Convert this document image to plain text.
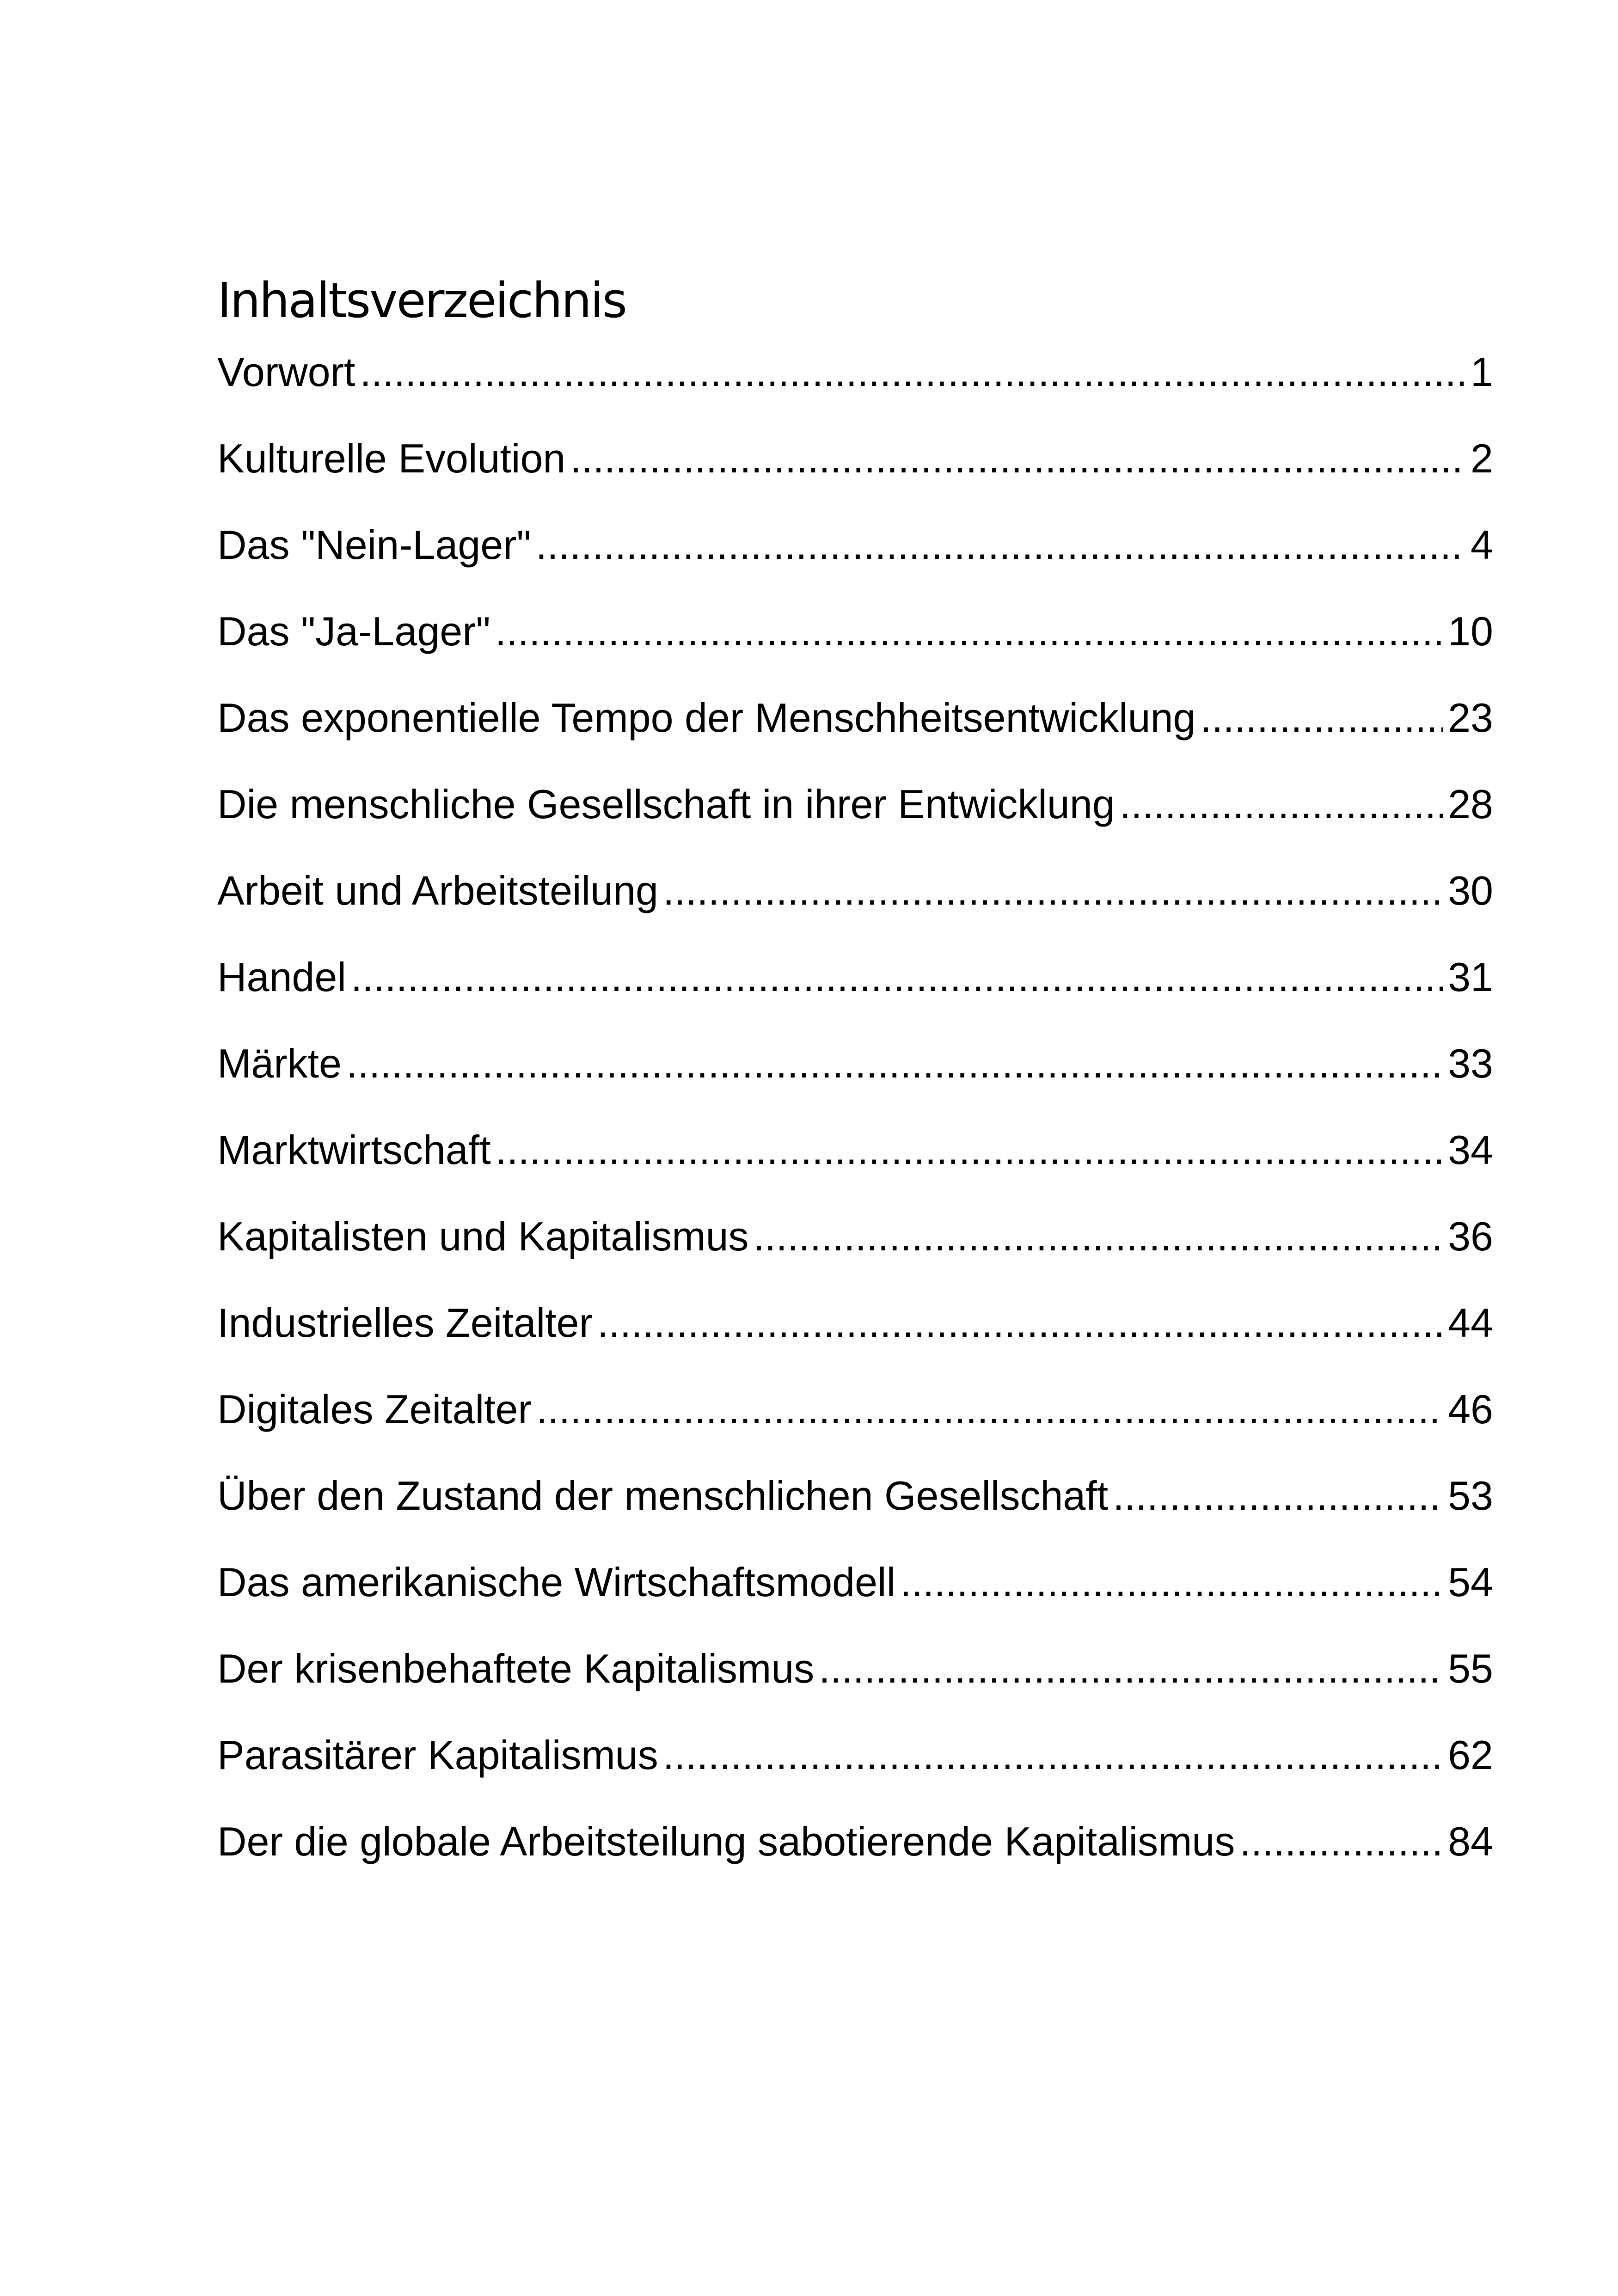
Inhaltsverzeichnis
Vorwort .....	1
Kulturelle Evolution .....	2
Das "Nein-Lager" .....	4
Das "Ja-Lager" .....	10
Das exponentielle Tempo der Menschheitsentwicklung .....	23
Die menschliche Gesellschaft in ihrer Entwicklung .....	28
Arbeit und Arbeitsteilung .....	30
Handel .....	31
Märkte .....	33
Marktwirtschaft .....	34
Kapitalisten und Kapitalismus .....	36
Industrielles Zeitalter .....	44
Digitales Zeitalter .....	46
Über den Zustand der menschlichen Gesellschaft .....	53
Das amerikanische Wirtschaftsmodell .....	54
Der krisenbehaftete Kapitalismus .....	55
Parasitärer Kapitalismus .....	62
Der die globale Arbeitsteilung sabotierende Kapitalismus .....	84
